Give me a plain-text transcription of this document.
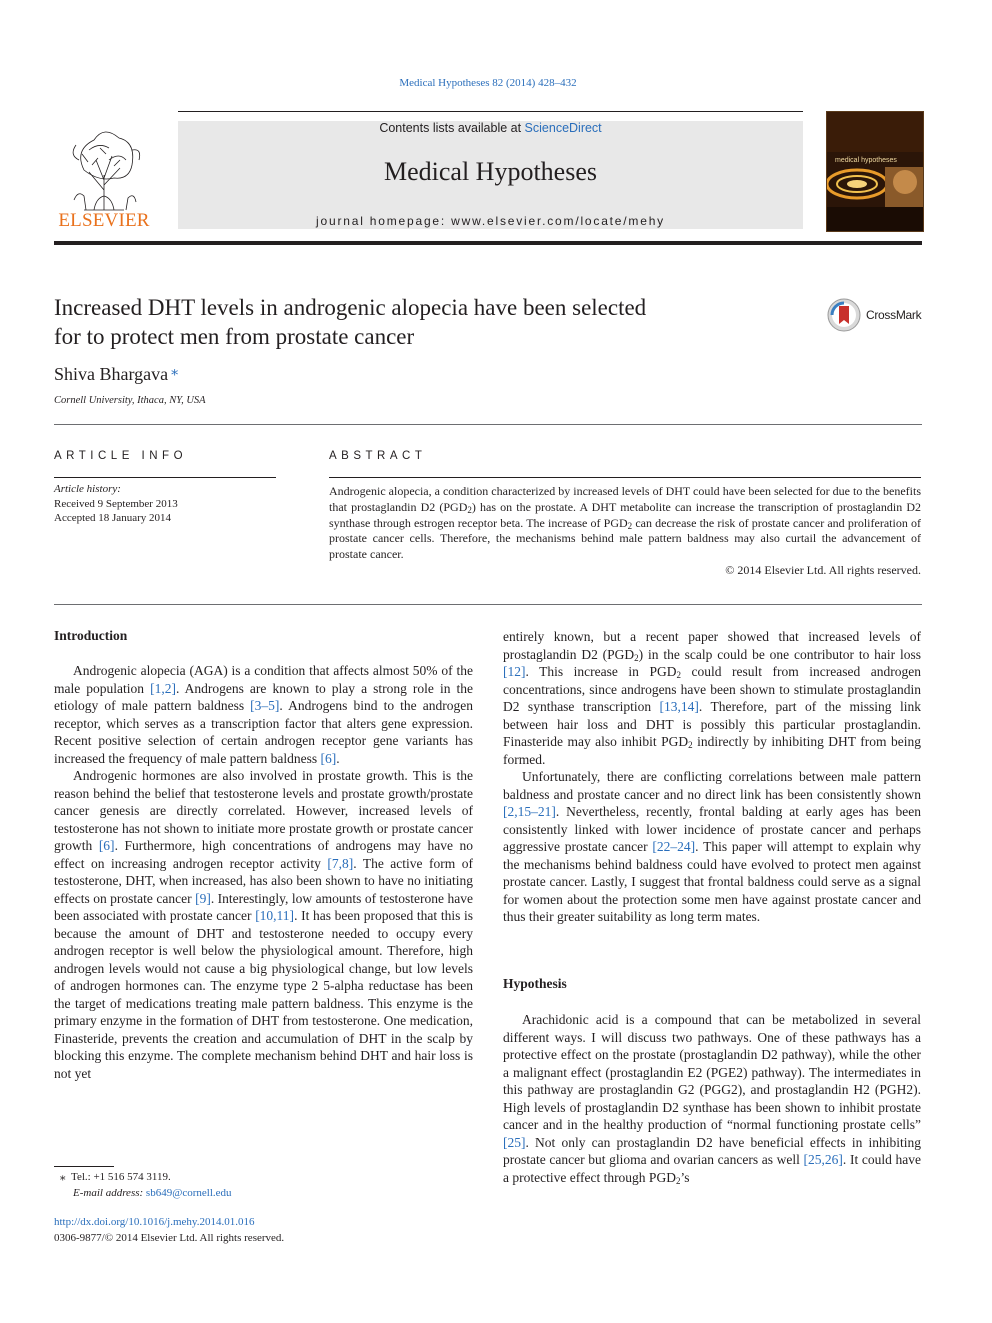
Medical Hypotheses 82 (2014) 428–432
ELSEVIER
Contents lists available at ScienceDirect
Medical Hypotheses
journal homepage: www.elsevier.com/locate/mehy
medical hypotheses
Increased DHT levels in androgenic alopecia have been selected
for to protect men from prostate cancer
CrossMark
Shiva Bhargava ⁎
Cornell University, Ithaca, NY, USA
ARTICLE INFO
Article history:
Received 9 September 2013
Accepted 18 January 2014
ABSTRACT
Androgenic alopecia, a condition characterized by increased levels of DHT could have been selected for due to the benefits that prostaglandin D2 $(PGD_2)$ has on the prostate. A DHT metabolite can increase the transcription of prostaglandin D2 synthase through estrogen receptor beta. The increase of $PGD_2$ can decrease the risk of prostate cancer and proliferation of prostate cancer cells. Therefore, the mechanisms behind male pattern baldness may also curtail the advancement of prostate cancer.
© 2014 Elsevier Ltd. All rights reserved.
Introduction

Androgenic alopecia (AGA) is a condition that affects almost 50% of the male population [1,2]. Androgens are known to play a strong role in the etiology of male pattern baldness [3–5]. Androgens bind to the androgen receptor, which serves as a transcription factor that alters gene expression. Recent positive selection of certain androgen receptor gene variants has increased the frequency of male pattern baldness [6].

Androgenic hormones are also involved in prostate growth. This is the reason behind the belief that testosterone levels and prostate growth/prostate cancer genesis are directly correlated. However, increased levels of testosterone has not shown to initiate more prostate growth or prostate cancer growth [6]. Furthermore, high concentrations of androgens may have no effect on increasing androgen receptor activity [7,8]. The active form of testosterone, DHT, when increased, has also been shown to have no initiating effects on prostate cancer [9]. Interestingly, low amounts of testosterone have been associated with prostate cancer [10,11]. It has been proposed that this is because the amount of DHT and testosterone needed to occupy every androgen receptor is well below the physiological amount. Therefore, high androgen levels would not cause a big physiological change, but low levels of androgen hormones can. The enzyme type 2 5-alpha reductase has been the target of medications treating male pattern baldness. This enzyme is the primary enzyme in the formation of DHT from testosterone. One medication, Finasteride, prevents the creation and accumulation of DHT in the scalp by blocking this enzyme. The complete mechanism behind DHT and hair loss is not yet

entirely known, but a recent paper showed that increased levels of prostaglandin D2 $(PGD_2)$ in the scalp could be one contributor to hair loss [12]. This increase in $PGD_2$ could result from increased androgen concentrations, since androgens have been shown to stimulate prostaglandin D2 synthase transcription [13,14]. Therefore, part of the missing link between hair loss and DHT is possibly this particular prostaglandin. Finasteride may also inhibit $PGD_2$ indirectly by inhibiting DHT from being formed.

Unfortunately, there are conflicting correlations between male pattern baldness and prostate cancer and no direct link has been consistently shown [2,15–21]. Nevertheless, recently, frontal balding at early ages has been consistently linked with lower incidence of prostate cancer and perhaps aggressive prostate cancer [22–24]. This paper will attempt to explain why the mechanisms behind baldness could have evolved to protect men against prostate cancer. Lastly, I suggest that frontal baldness could serve as a signal for women about the protection some men have against prostate cancer and thus their greater suitability as long term mates.

Hypothesis

Arachidonic acid is a compound that can be metabolized in several different ways. I will discuss two pathways. One of these pathways has a protective effect on the prostate (prostaglandin D2 pathway), while the other a malignant effect (prostaglandin E2 (PGE2) pathway). The intermediates in this pathway are prostaglandin G2 (PGG2), and prostaglandin H2 (PGH2). High levels of prostaglandin D2 synthase has been shown to inhibit prostate cancer and in the healthy production of “normal functioning prostate cells” [25]. Not only can prostaglandin D2 have beneficial effects in inhibiting prostate cancer but glioma and ovarian cancers as well [25,26]. It could have a protective effect through $PGD_2’s$

⁎ Tel.: +1 516 574 3119.
E-mail address: sb649@cornell.edu
http://dx.doi.org/10.1016/j.mehy.2014.01.016
0306-9877/© 2014 Elsevier Ltd. All rights reserved.
